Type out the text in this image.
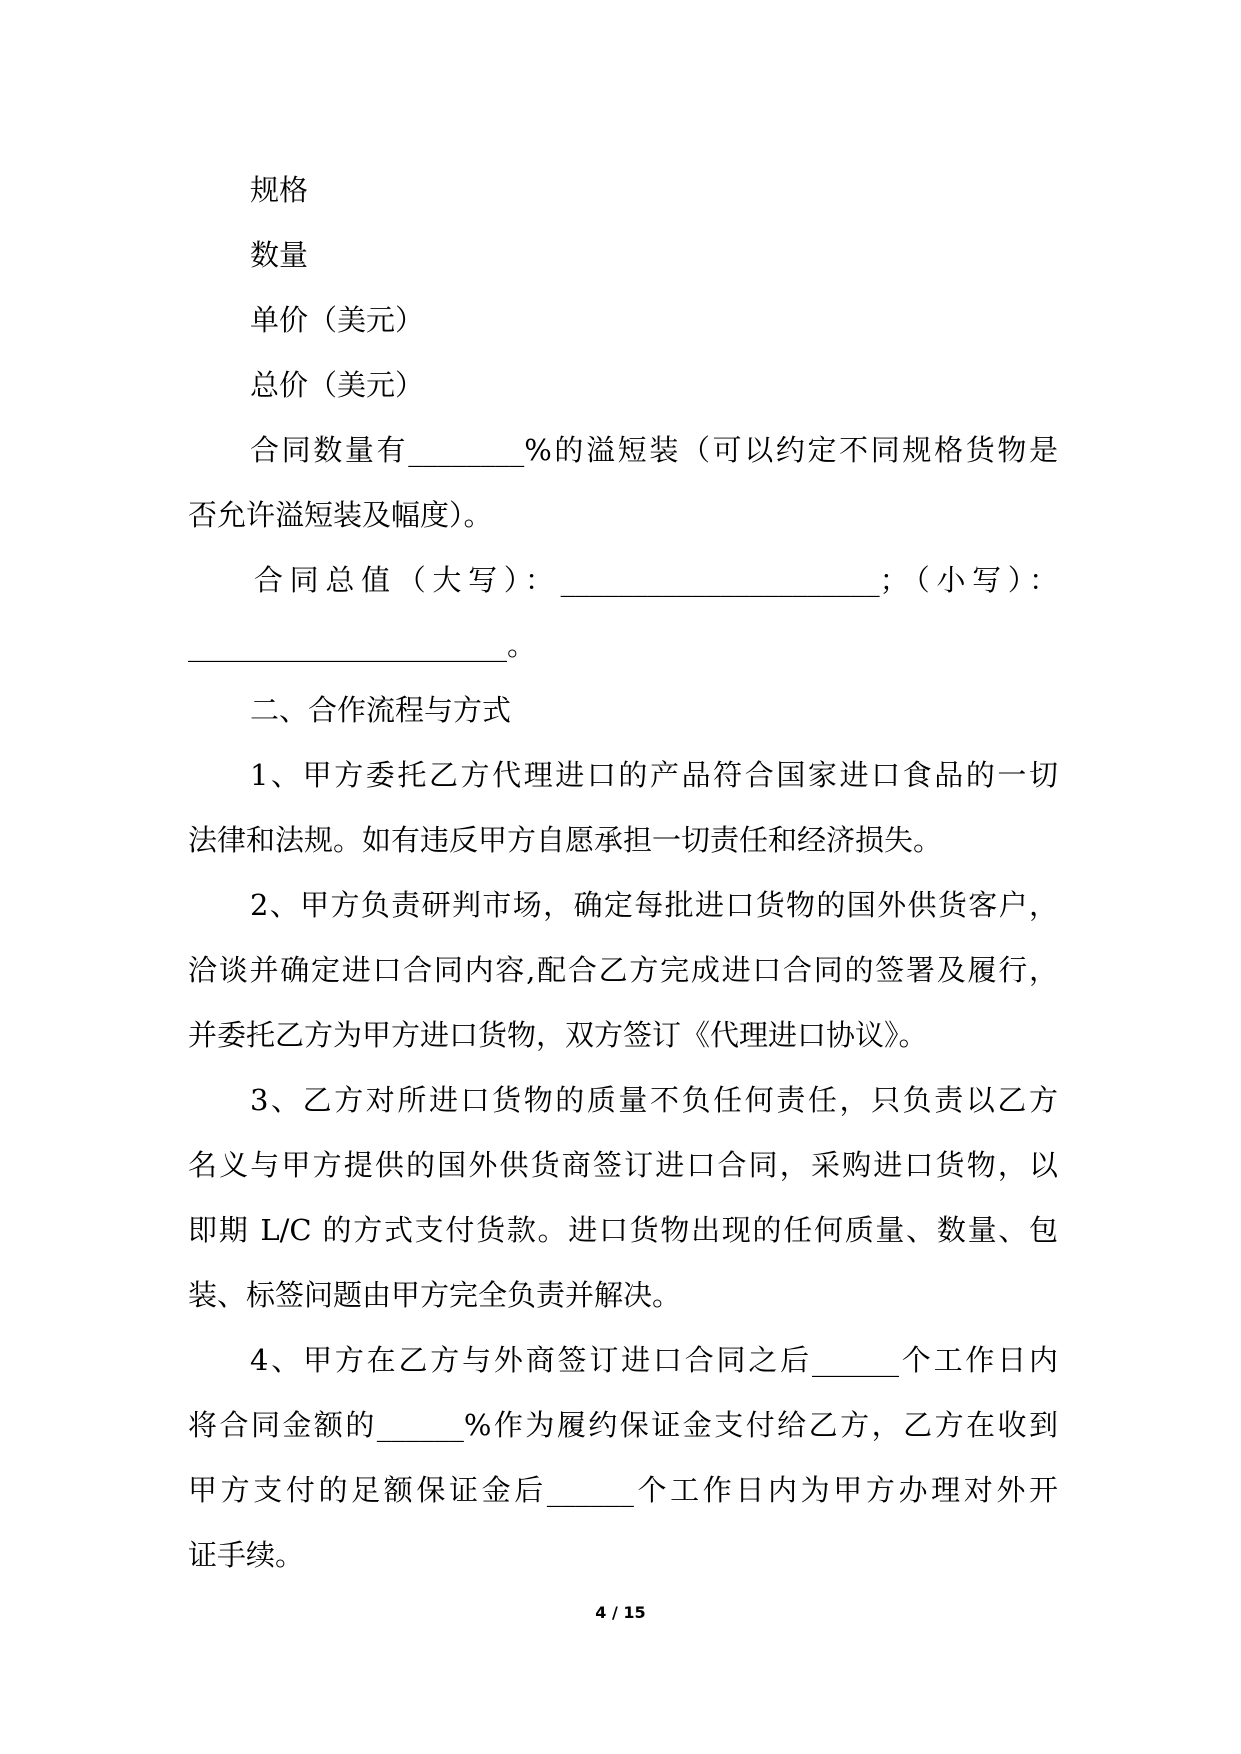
规格
数量
单价（美元）
总价（美元）
合同数量有________%的溢短装（可以约定不同规格货物是
否允许溢短装及幅度）。
合同总值（大写）：______________________；（小写）：
______________________。
二、合作流程与方式
1、甲方委托乙方代理进口的产品符合国家进口食品的一切
法律和法规。如有违反甲方自愿承担一切责任和经济损失。
2、甲方负责研判市场，确定每批进口货物的国外供货客户，
洽谈并确定进口合同内容,配合乙方完成进口合同的签署及履行，
并委托乙方为甲方进口货物，双方签订《代理进口协议》。
3、乙方对所进口货物的质量不负任何责任，只负责以乙方
名义与甲方提供的国外供货商签订进口合同，采购进口货物，以
即期 L/C 的方式支付货款。进口货物出现的任何质量、数量、包
装、标签问题由甲方完全负责并解决。
4、甲方在乙方与外商签订进口合同之后______个工作日内
将合同金额的______%作为履约保证金支付给乙方，乙方在收到
甲方支付的足额保证金后______个工作日内为甲方办理对外开
证手续。
4 / 15
